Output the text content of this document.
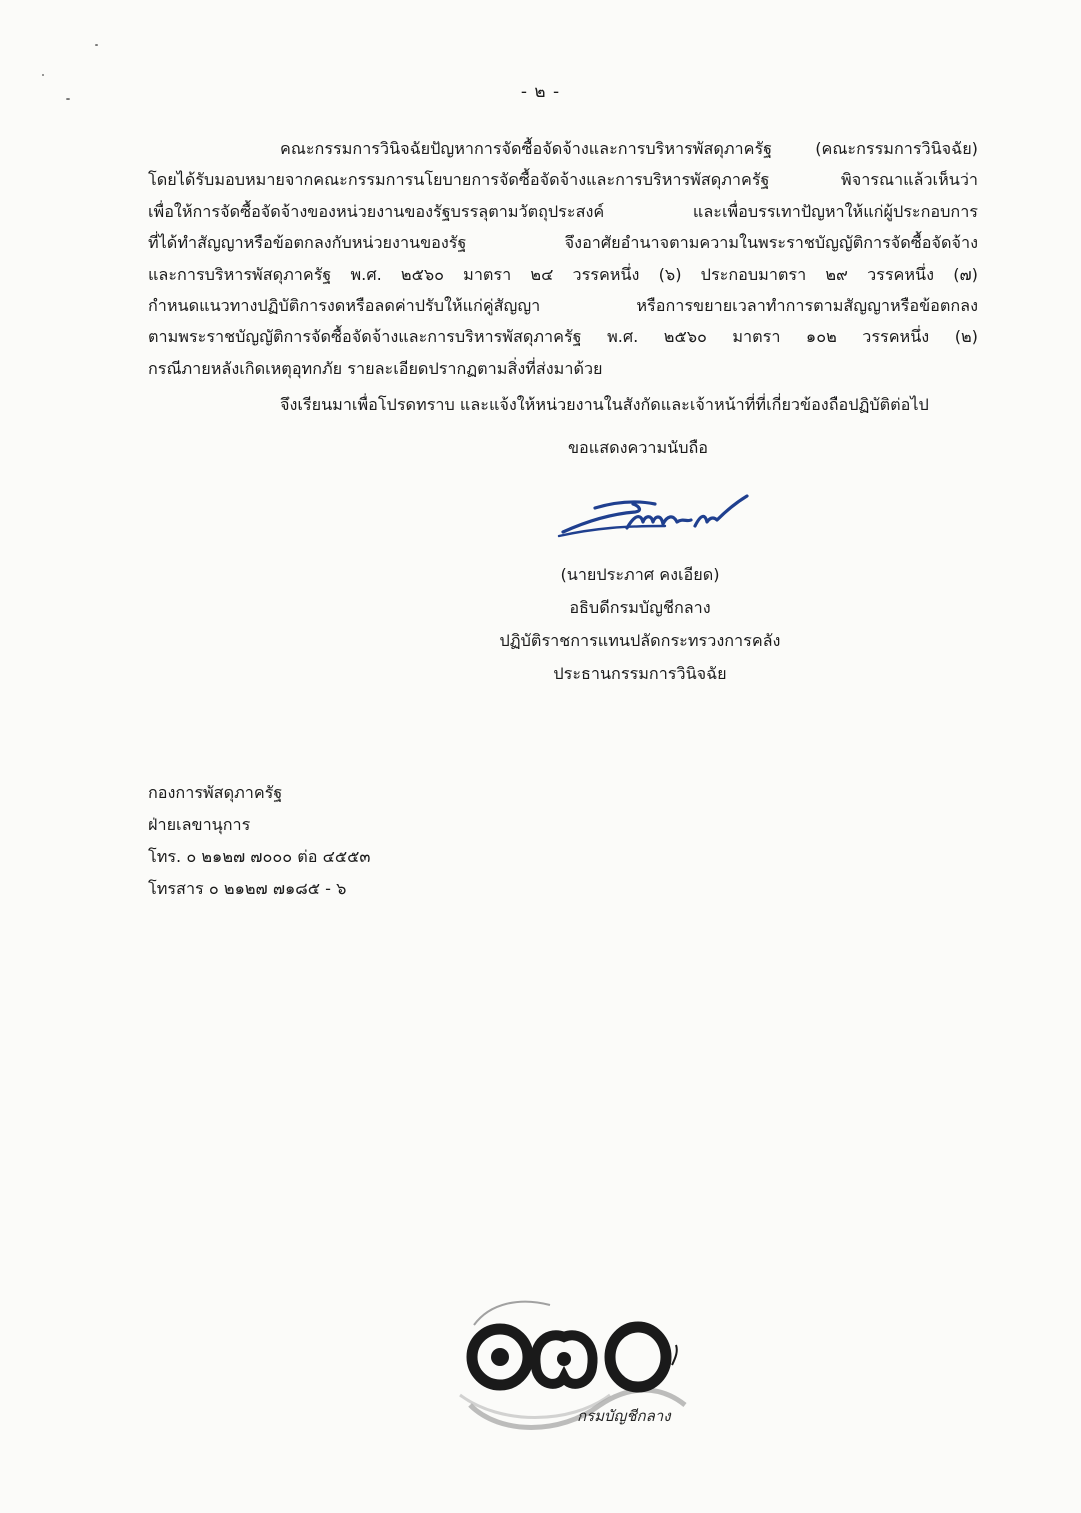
- ๒ -

คณะกรรมการวินิจฉัยปัญหาการจัดซื้อจัดจ้างและการบริหารพัสดุภาครัฐ (คณะกรรมการวินิจฉัย)
โดยได้รับมอบหมายจากคณะกรรมการนโยบายการจัดซื้อจัดจ้างและการบริหารพัสดุภาครัฐ พิจารณาแล้วเห็นว่า
เพื่อให้การจัดซื้อจัดจ้างของหน่วยงานของรัฐบรรลุตามวัตถุประสงค์ และเพื่อบรรเทาปัญหาให้แก่ผู้ประกอบการ
ที่ได้ทำสัญญาหรือข้อตกลงกับหน่วยงานของรัฐ จึงอาศัยอำนาจตามความในพระราชบัญญัติการจัดซื้อจัดจ้าง
และการบริหารพัสดุภาครัฐ พ.ศ. ๒๕๖๐ มาตรา ๒๔ วรรคหนึ่ง (๖) ประกอบมาตรา ๒๙ วรรคหนึ่ง (๗)
กำหนดแนวทางปฏิบัติการงดหรือลดค่าปรับให้แก่คู่สัญญา หรือการขยายเวลาทำการตามสัญญาหรือข้อตกลง
ตามพระราชบัญญัติการจัดซื้อจัดจ้างและการบริหารพัสดุภาครัฐ พ.ศ. ๒๕๖๐ มาตรา ๑๐๒ วรรคหนึ่ง (๒)
กรณีภายหลังเกิดเหตุอุทกภัย รายละเอียดปรากฏตามสิ่งที่ส่งมาด้วย

จึงเรียนมาเพื่อโปรดทราบ และแจ้งให้หน่วยงานในสังกัดและเจ้าหน้าที่ที่เกี่ยวข้องถือปฏิบัติต่อไป
ขอแสดงความนับถือ
(นายประภาศ คงเอียด)
อธิบดีกรมบัญชีกลาง
ปฏิบัติราชการแทนปลัดกระทรวงการคลัง
ประธานกรรมการวินิจฉัย
กองการพัสดุภาครัฐ
ฝ่ายเลขานุการ
โทร. ๐ ๒๑๒๗ ๗๐๐๐ ต่อ ๔๕๕๓
โทรสาร ๐ ๒๑๒๗ ๗๑๘๕ - ๖
กรมบัญชีกลาง
